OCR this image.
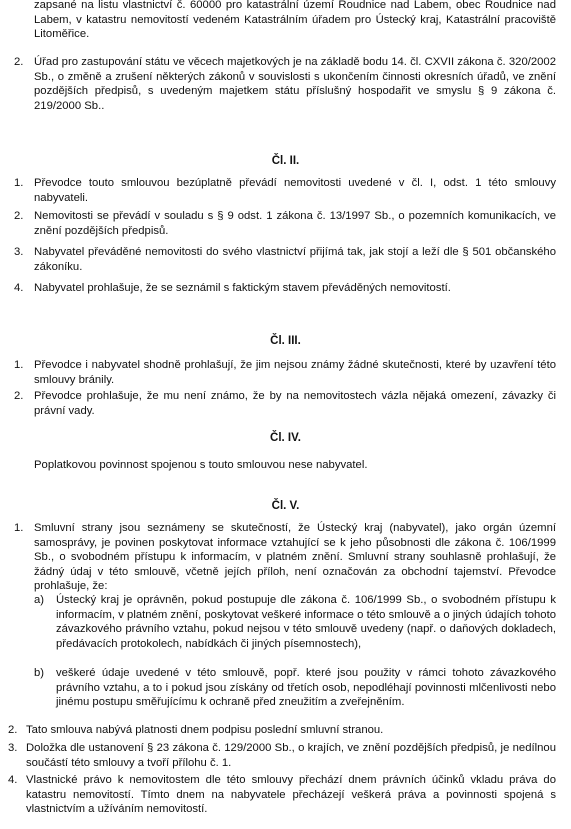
zapsané na listu vlastnictví č. 60000 pro katastrální území Roudnice nad Labem, obec Roudnice nad Labem, v katastru nemovitostí vedeném Katastrálním úřadem pro Ústecký kraj, Katastrální pracoviště Litoměřice.
2. Úřad pro zastupování státu ve věcech majetkových je na základě bodu 14. čl. CXVII zákona č. 320/2002 Sb., o změně a zrušení některých zákonů v souvislosti s ukončením činnosti okresních úřadů, ve znění pozdějších předpisů, s uvedeným majetkem státu příslušný hospodařit ve smyslu § 9 zákona č. 219/2000 Sb..
Čl. II.
1. Převodce touto smlouvou bezúplatně převádí nemovitosti uvedené v čl. I, odst. 1 této smlouvy nabyvateli.
2. Nemovitosti se převádí v souladu s § 9 odst. 1 zákona č. 13/1997 Sb., o pozemních komunikacích, ve znění pozdějších předpisů.
3. Nabyvatel převáděné nemovitosti do svého vlastnictví přijímá tak, jak stojí a leží dle § 501 občanského zákoníku.
4. Nabyvatel prohlašuje, že se seznámil s faktickým stavem převáděných nemovitostí.
Čl. III.
1. Převodce i nabyvatel shodně prohlašují, že jim nejsou známy žádné skutečnosti, které by uzavření této smlouvy bránily.
2. Převodce prohlašuje, že mu není známo, že by na nemovitostech vázla nějaká omezení, závazky či právní vady.
Čl. IV.
Poplatkovou povinnost spojenou s touto smlouvou nese nabyvatel.
Čl. V.
1. Smluvní strany jsou seznámeny se skutečností, že Ústecký kraj (nabyvatel), jako orgán územní samosprávy, je povinen poskytovat informace vztahující se k jeho působnosti dle zákona č. 106/1999 Sb., o svobodném přístupu k informacím, v platném znění. Smluvní strany souhlasně prohlašují, že žádný údaj v této smlouvě, včetně jejích příloh, není označován za obchodní tajemství. Převodce prohlašuje, že:
a) Ústecký kraj je oprávněn, pokud postupuje dle zákona č. 106/1999 Sb., o svobodném přístupu k informacím, v platném znění, poskytovat veškeré informace o této smlouvě a o jiných údajích tohoto závazkového právního vztahu, pokud nejsou v této smlouvě uvedeny (např. o daňových dokladech, předávacích protokolech, nabídkách či jiných písemnostech),
b) veškeré údaje uvedené v této smlouvě, popř. které jsou použity v rámci tohoto závazkového právního vztahu, a to i pokud jsou získány od třetích osob, nepodléhají povinnosti mlčenlivosti nebo jinému postupu směřujícímu k ochraně před zneužitím a zveřejněním.
2. Tato smlouva nabývá platnosti dnem podpisu poslední smluvní stranou.
3. Doložka dle ustanovení § 23 zákona č. 129/2000 Sb., o krajích, ve znění pozdějších předpisů, je nedílnou součástí této smlouvy a tvoří přílohu č. 1.
4. Vlastnické právo k nemovitostem dle této smlouvy přechází dnem právních účinků vkladu práva do katastru nemovitostí. Tímto dnem na nabyvatele přecházejí veškerá práva a povinnosti spojená s vlastnictvím a užíváním nemovitostí.
